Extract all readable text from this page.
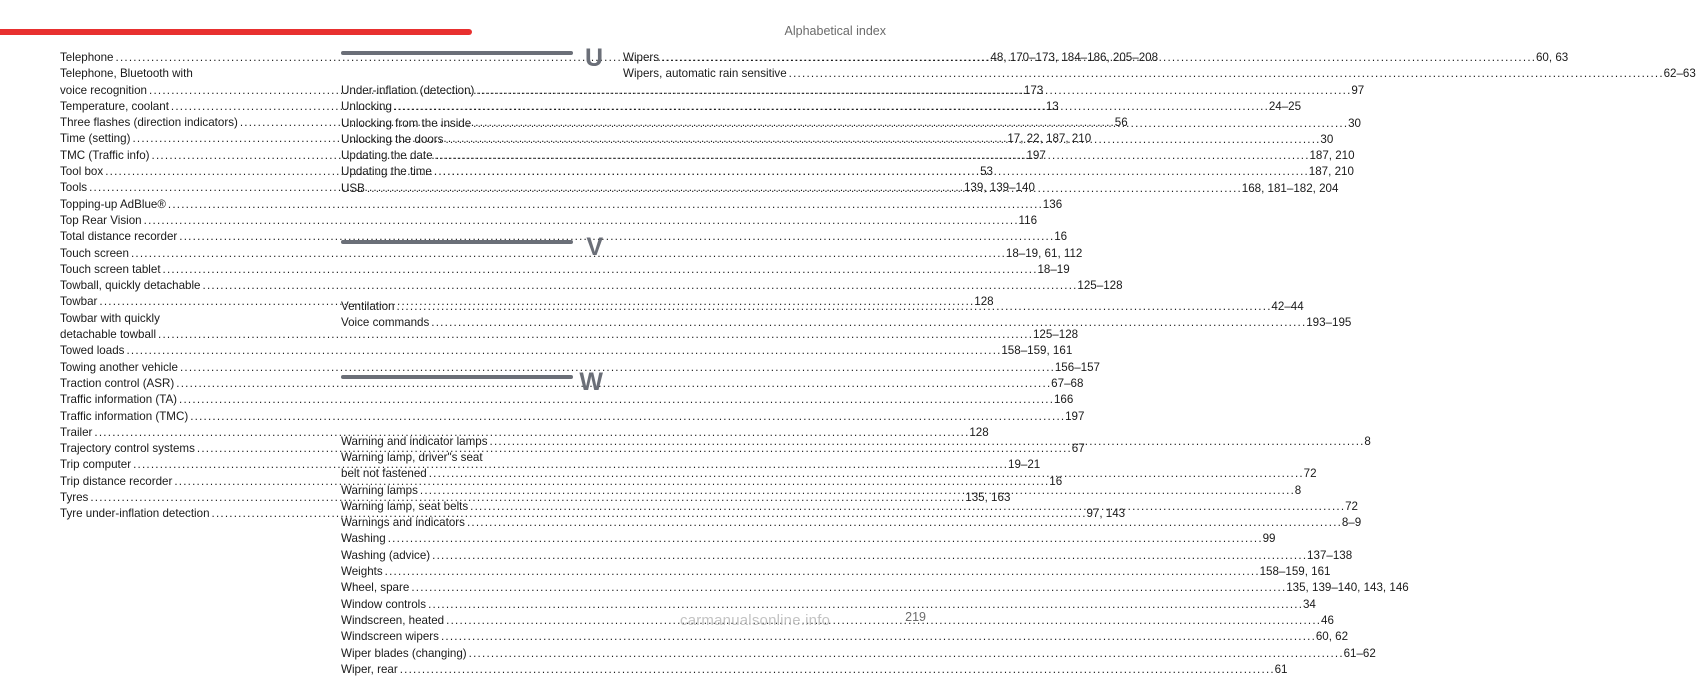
Alphabetical index
Telephone . . .	48, 170–173, 184–186, 205–208
Telephone, Bluetooth with
voice recognition . . .	173
Temperature, coolant . . .	13
Three flashes (direction indicators) . . .	56
Time (setting) . . .	17, 22, 187, 210
TMC (Traffic info) . . .	197
Tool box . . .	53
Tools . . .	139, 139–140
Topping-up AdBlue® . . .	136
Top Rear Vision . . .	116
Total distance recorder . . .	16
Touch screen . . .	18–19, 61, 112
Touch screen tablet . . .	18–19
Towball, quickly detachable . . .	125–128
Towbar . . .	128
Towbar with quickly
detachable towball . . .	125–128
Towed loads . . .	158–159, 161
Towing another vehicle . . .	156–157
Traction control (ASR) . . .	67–68
Traffic information (TA) . . .	166
Traffic information (TMC) . . .	197
Trailer . . .	128
Trajectory control systems . . .	67
Trip computer . . .	19–21
Trip distance recorder . . .	16
Tyres . . .	135, 163
Tyre under-inflation detection . . .	97, 143
U
Under-inflation (detection) . . .	97
Unlocking . . .	24–25
Unlocking from the inside . . .	30
Unlocking the doors . . .	30
Updating the date . . .	187, 210
Updating the time . . .	187, 210
USB . . .	168, 181–182, 204
V
Ventilation . . .	42–44
Voice commands . . .	193–195
W
Warning and indicator lamps . . .	8
Warning lamp, driver"s seat
belt not fastened . . .	72
Warning lamps . . .	8
Warning lamp, seat belts . . .	72
Warnings and indicators . . .	8–9
Washing . . .	99
Washing (advice) . . .	137–138
Weights . . .	158–159, 161
Wheel, spare . . .	135, 139–140, 143, 146
Window controls . . .	34
Windscreen, heated . . .	46
Windscreen wipers . . .	60, 62
Wiper blades (changing) . . .	61–62
Wiper, rear . . .	61
Wipers . . .	60, 63
Wipers, automatic rain sensitive . . .	62–63
carmanualsonline.info	219
